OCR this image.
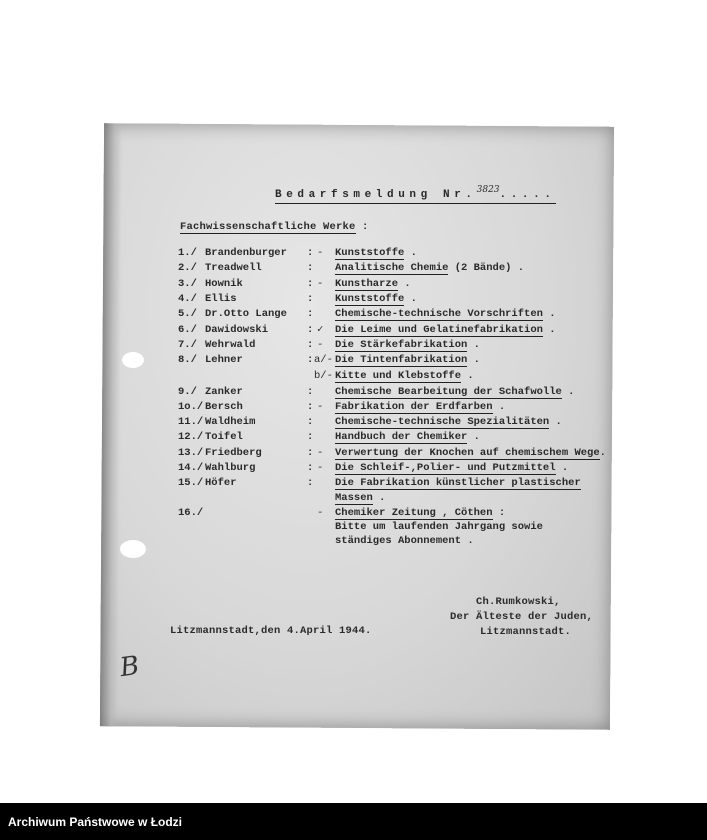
Bedarfsmeldung Nr.$^{3823}$.....
Fachwissenschaftliche Werke :
1./ Brandenburger : - Kunststoffe .
2./ Treadwell	: Analitische Chemie (2 Bände) .
3./ Hownik	: - Kunstharze .
4./ Ellis	: Kunststoffe .
5./ Dr.Otto Lange : Chemische-technische Vorschriften .
6./ Dawidowski	: ✓ Die Leime und Gelatinefabrikation .
7./ Wehrwald	: - Die Stärkefabrikation .
8./ Lehner	: a/- Die Tintenfabrikation .
b/- Kitte und Klebstoffe .
9./ Zanker	: Chemische Bearbeitung der Schafwolle .
1o./ Bersch	: - Fabrikation der Erdfarben .
11./ Waldheim	: Chemische-technische Spezialitäten .
12./ Toifel	: Handbuch der Chemiker .
13./ Friedberg	: - Verwertung der Knochen auf chemischem Wege.
14./ Wahlburg	: - Die Schleif-,Polier- und Putzmittel .
15./ Höfer	: Die Fabrikation künstlicher plastischer
Massen .
16./	- Chemiker Zeitung , Cöthen :
Bitte um laufenden Jahrgang sowie
ständiges Abonnement .
Litzmannstadt,den 4.April 1944.
Ch.Rumkowski,
Der Älteste der Juden,
Litzmannstadt.
B
Archiwum Państwowe w Łodzi
